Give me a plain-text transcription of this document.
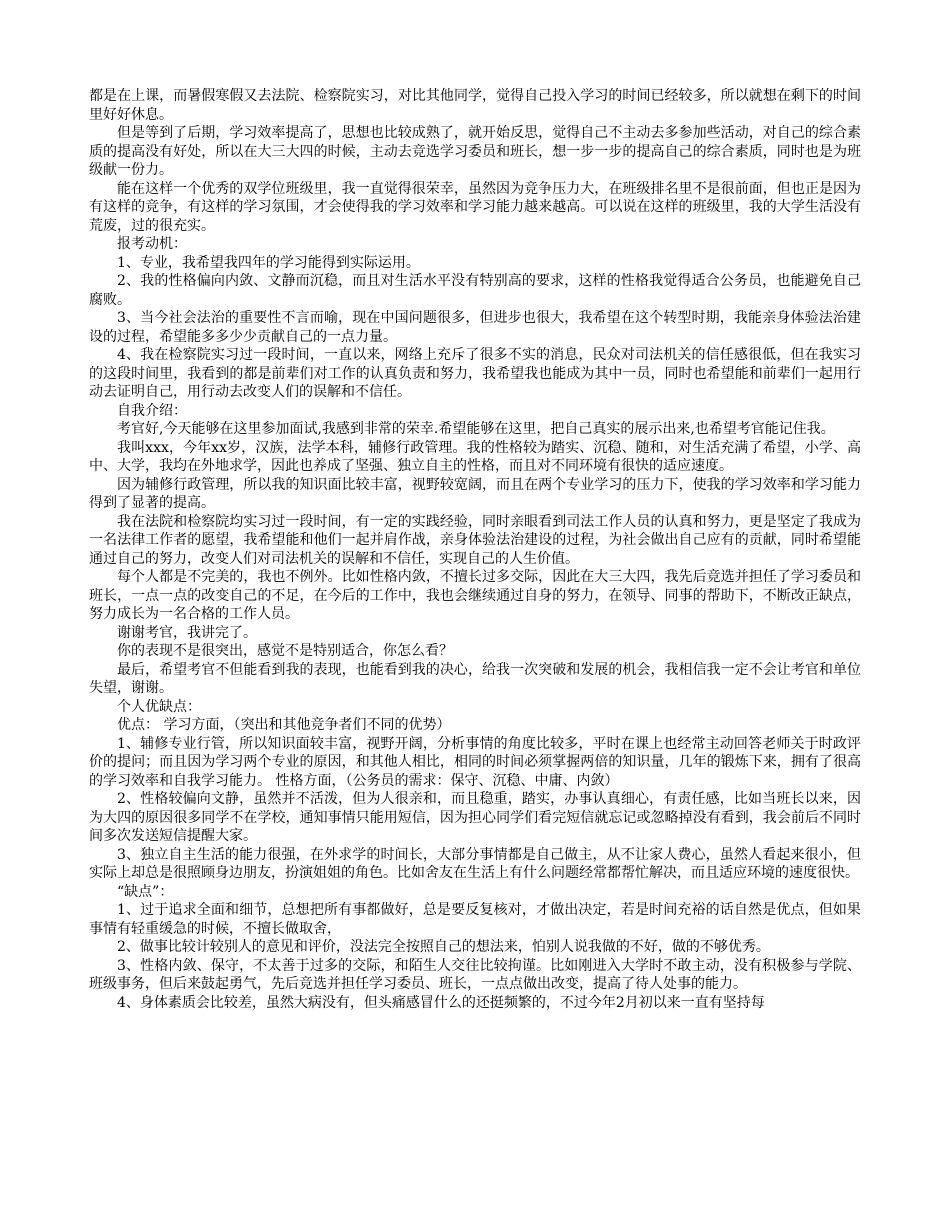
都是在上课，而暑假寒假又去法院、检察院实习，对比其他同学，觉得自己投入学习的时间已经较多，所以就想在剩下的时间里好好休息。

但是等到了后期，学习效率提高了，思想也比较成熟了，就开始反思，觉得自己不主动去多参加些活动，对自己的综合素质的提高没有好处，所以在大三大四的时候，主动去竞选学习委员和班长，想一步一步的提高自己的综合素质，同时也是为班级献一份力。

能在这样一个优秀的双学位班级里，我一直觉得很荣幸，虽然因为竞争压力大，在班级排名里不是很前面，但也正是因为有这样的竞争，有这样的学习氛围，才会使得我的学习效率和学习能力越来越高。可以说在这样的班级里，我的大学生活没有荒废，过的很充实。

报考动机：

1、专业，我希望我四年的学习能得到实际运用。

2、我的性格偏向内敛、文静而沉稳，而且对生活水平没有特别高的要求，这样的性格我觉得适合公务员，也能避免自己腐败。

3、当今社会法治的重要性不言而喻，现在中国问题很多，但进步也很大，我希望在这个转型时期，我能亲身体验法治建设的过程，希望能多多少少贡献自己的一点力量。

4、我在检察院实习过一段时间，一直以来，网络上充斥了很多不实的消息，民众对司法机关的信任感很低，但在我实习的这段时间里，我看到的都是前辈们对工作的认真负责和努力，我希望我也能成为其中一员，同时也希望能和前辈们一起用行动去证明自己，用行动去改变人们的误解和不信任。

自我介绍：

考官好,今天能够在这里参加面试,我感到非常的荣幸.希望能够在这里，把自己真实的展示出来,也希望考官能记住我。

我叫xxx，今年xx岁，汉族，法学本科，辅修行政管理。我的性格较为踏实、沉稳、随和，对生活充满了希望，小学、高中、大学，我均在外地求学，因此也养成了坚强、独立自主的性格，而且对不同环境有很快的适应速度。

因为辅修行政管理，所以我的知识面比较丰富，视野较宽阔，而且在两个专业学习的压力下，使我的学习效率和学习能力得到了显著的提高。

我在法院和检察院均实习过一段时间，有一定的实践经验，同时亲眼看到司法工作人员的认真和努力，更是坚定了我成为一名法律工作者的愿望，我希望能和他们一起并肩作战，亲身体验法治建设的过程，为社会做出自己应有的贡献，同时希望能通过自己的努力，改变人们对司法机关的误解和不信任，实现自己的人生价值。

每个人都是不完美的，我也不例外。比如性格内敛，不擅长过多交际，因此在大三大四，我先后竞选并担任了学习委员和班长，一点一点的改变自己的不足，在今后的工作中，我也会继续通过自身的努力，在领导、同事的帮助下，不断改正缺点，努力成长为一名合格的工作人员。

谢谢考官，我讲完了。

你的表现不是很突出，感觉不是特别适合，你怎么看？

最后，希望考官不但能看到我的表现，也能看到我的决心，给我一次突破和发展的机会，我相信我一定不会让考官和单位失望，谢谢。

个人优缺点：

优点： 学习方面，（突出和其他竞争者们不同的优势）

1、辅修专业行管，所以知识面较丰富，视野开阔，分析事情的角度比较多，平时在课上也经常主动回答老师关于时政评价的提问；而且因为学习两个专业的原因，和其他人相比，相同的时间必须掌握两倍的知识量，几年的锻炼下来，拥有了很高的学习效率和自我学习能力。 性格方面，（公务员的需求：保守、沉稳、中庸、内敛）

2、性格较偏向文静，虽然并不活泼，但为人很亲和，而且稳重，踏实，办事认真细心，有责任感，比如当班长以来，因为大四的原因很多同学不在学校，通知事情只能用短信，因为担心同学们看完短信就忘记或忽略掉没有看到，我会前后不同时间多次发送短信提醒大家。

3、独立自主生活的能力很强，在外求学的时间长，大部分事情都是自己做主，从不让家人费心，虽然人看起来很小，但实际上却总是很照顾身边朋友，扮演姐姐的角色。比如舍友在生活上有什么问题经常都帮忙解决，而且适应环境的速度很快。

“缺点”：

1、过于追求全面和细节，总想把所有事都做好，总是要反复核对，才做出决定，若是时间充裕的话自然是优点，但如果事情有轻重缓急的时候，不擅长做取舍，

2、做事比较计较别人的意见和评价，没法完全按照自己的想法来，怕别人说我做的不好，做的不够优秀。

3、性格内敛、保守，不太善于过多的交际，和陌生人交往比较拘谨。比如刚进入大学时不敢主动，没有积极参与学院、班级事务，但后来鼓起勇气，先后竞选并担任学习委员、班长，一点点做出改变，提高了待人处事的能力。

4、身体素质会比较差，虽然大病没有，但头痛感冒什么的还挺频繁的，不过今年2月初以来一直有坚持每
